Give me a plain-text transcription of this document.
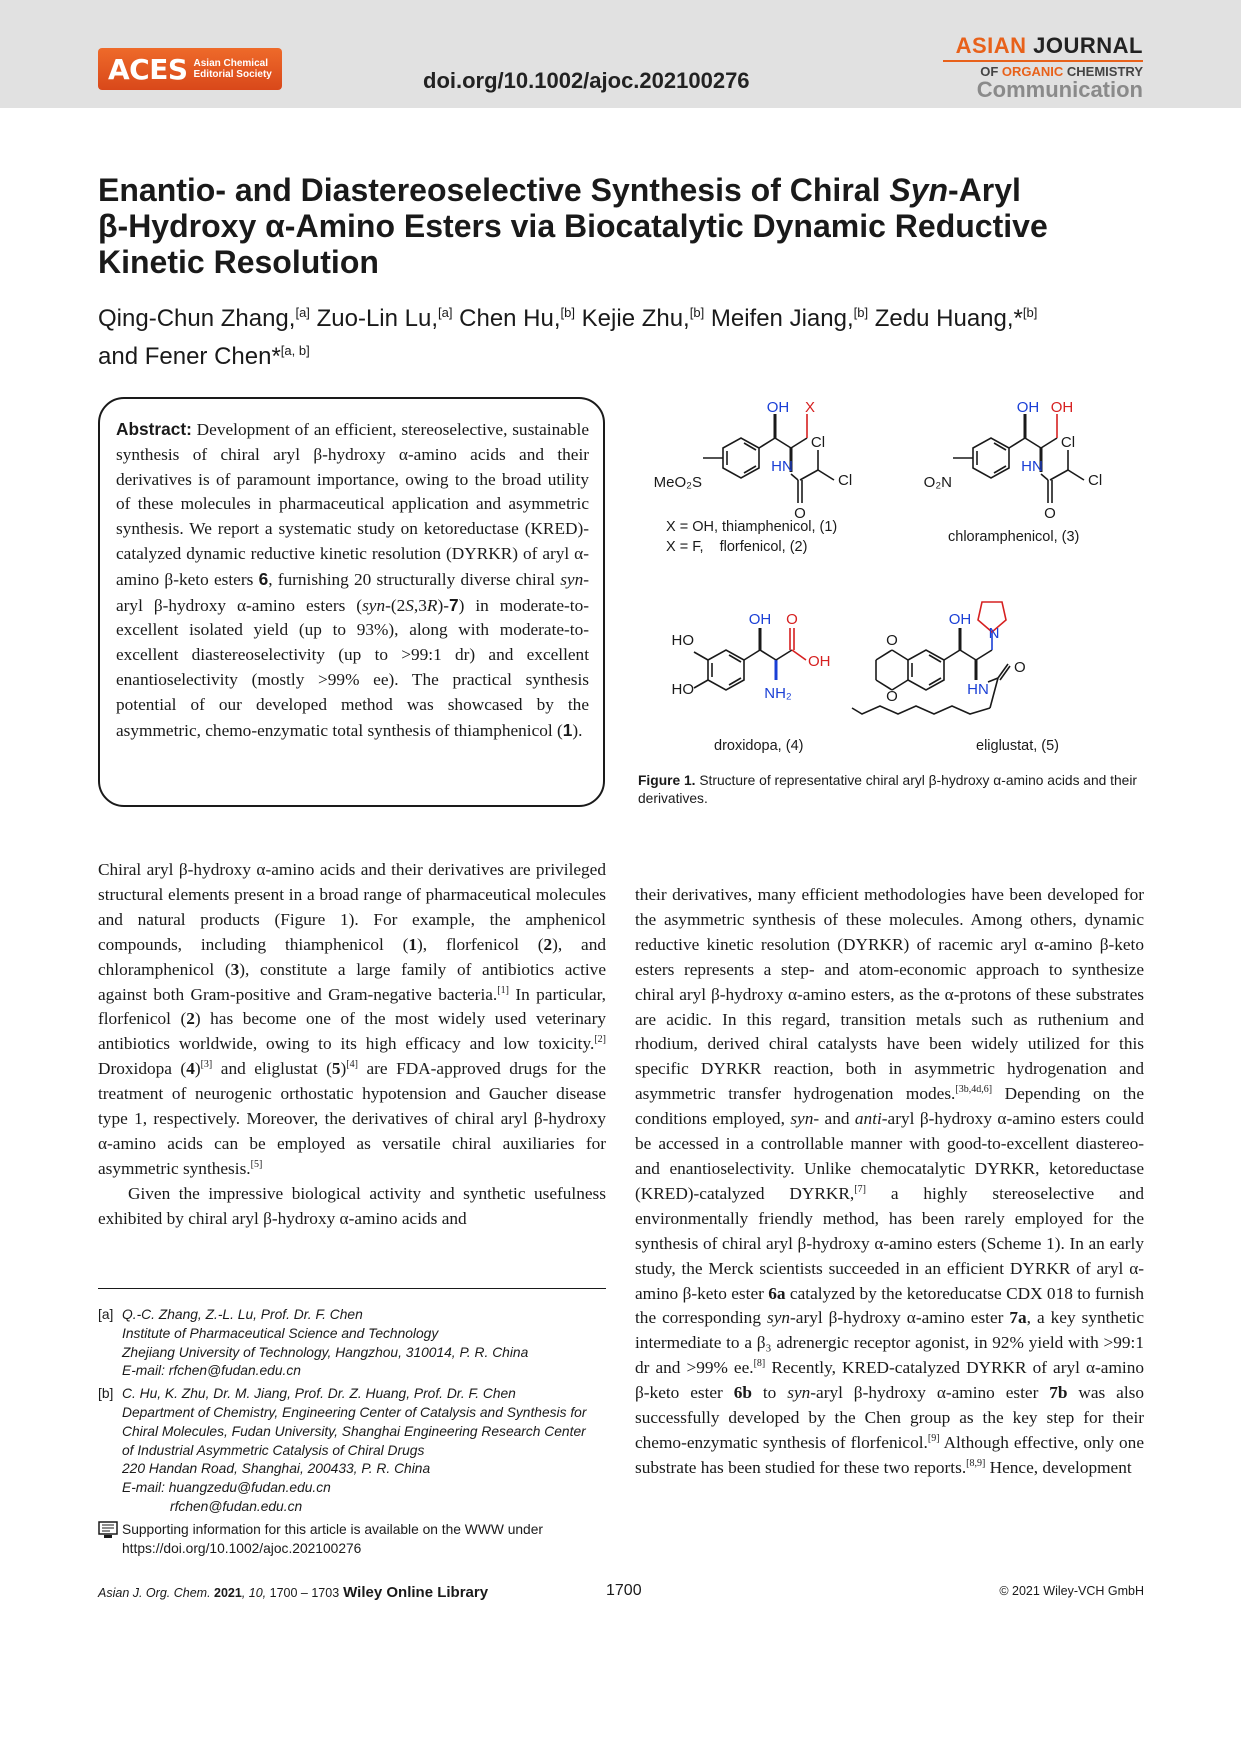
ACES Asian Chemical
Editorial Society	doi.org/10.1002/ajoc.202100276
ASIAN JOURNAL
OF ORGANIC CHEMISTRY
Communication
Enantio- and Diastereoselective Synthesis of Chiral Syn-Aryl
β-Hydroxy α-Amino Esters via Biocatalytic Dynamic Reductive
Kinetic Resolution
Qing-Chun Zhang,[a] Zuo-Lin Lu,[a] Chen Hu,[b] Kejie Zhu,[b] Meifen Jiang,[b] Zedu Huang,*[b]
and Fener Chen*[a, b]

Abstract: Development of an efficient, stereoselective, sustainable synthesis of chiral aryl β-hydroxy α-amino acids and their derivatives is of paramount importance, owing to the broad utility of these molecules in pharmaceutical application and asymmetric synthesis. We report a systematic study on ketoreductase (KRED)-catalyzed dynamic reductive kinetic resolution (DYRKR) of aryl α-amino β-keto esters 6, furnishing 20 structurally diverse chiral syn-aryl β-hydroxy α-amino esters (syn-(2S,3R)-7) in moderate-to-excellent isolated yield (up to 93%), along with moderate-to-excellent diastereoselectivity (up to >99:1 dr) and excellent enantioselectivity (mostly >99% ee). The practical synthesis potential of our developed method was showcased by the asymmetric, chemo-enzymatic total synthesis of thiamphenicol (1).

OH X
Cl
HN
Cl
O
MeO₂S
X = OH, thiamphenicol, (1)
X = F,    florfenicol, (2)
OH OH
Cl
HN
Cl
O
O₂N
chloramphenicol, (3)
OH O
HO
HO
OH
NH₂
droxidopa, (4)
OH
N
O
O	HN
O
eliglustat, (5)
Figure 1. Structure of representative chiral aryl β-hydroxy α-amino acids and their derivatives.

Chiral aryl β-hydroxy α-amino acids and their derivatives are privileged structural elements present in a broad range of pharmaceutical molecules and natural products (Figure 1). For example, the amphenicol compounds, including thiamphenicol (1), florfenicol (2), and chloramphenicol (3), constitute a large family of antibiotics active against both Gram-positive and Gram-negative bacteria.[1] In particular, florfenicol (2) has become one of the most widely used veterinary antibiotics worldwide, owing to its high efficacy and low toxicity.[2] Droxidopa (4)[3] and eliglustat (5)[4] are FDA-approved drugs for the treatment of neurogenic orthostatic hypotension and Gaucher disease type 1, respectively. Moreover, the derivatives of chiral aryl β-hydroxy α-amino acids can be employed as versatile chiral auxiliaries for asymmetric synthesis.[5]

Given the impressive biological activity and synthetic usefulness exhibited by chiral aryl β-hydroxy α-amino acids and

their derivatives, many efficient methodologies have been developed for the asymmetric synthesis of these molecules. Among others, dynamic reductive kinetic resolution (DYRKR) of racemic aryl α-amino β-keto esters represents a step- and atom-economic approach to synthesize chiral aryl β-hydroxy α-amino esters, as the α-protons of these substrates are acidic. In this regard, transition metals such as ruthenium and rhodium, derived chiral catalysts have been widely utilized for this specific DYRKR reaction, both in asymmetric hydrogenation and asymmetric transfer hydrogenation modes.[3b,4d,6] Depending on the conditions employed, syn- and anti-aryl β-hydroxy α-amino esters could be accessed in a controllable manner with good-to-excellent diastereo- and enantioselectivity. Unlike chemocatalytic DYRKR, ketoreductase (KRED)-catalyzed DYRKR,[7] a highly stereoselective and environmentally friendly method, has been rarely employed for the synthesis of chiral aryl β-hydroxy α-amino esters (Scheme 1). In an early study, the Merck scientists succeeded in an efficient DYRKR of aryl α-amino β-keto ester 6a catalyzed by the ketoreducatse CDX 018 to furnish the corresponding syn-aryl β-hydroxy α-amino ester 7a, a key synthetic intermediate to a β₃ adrenergic receptor agonist, in 92% yield with >99:1 dr and >99% ee.[8] Recently, KRED-catalyzed DYRKR of aryl α-amino β-keto ester 6b to syn-aryl β-hydroxy α-amino ester 7b was also successfully developed by the Chen group as the key step for their chemo-enzymatic synthesis of florfenicol.[9] Although effective, only one substrate has been studied for these two reports.[8,9] Hence, development

[a] Q.-C. Zhang, Z.-L. Lu, Prof. Dr. F. Chen
Institute of Pharmaceutical Science and Technology
Zhejiang University of Technology, Hangzhou, 310014, P. R. China
E-mail: rfchen@fudan.edu.cn
[b] C. Hu, K. Zhu, Dr. M. Jiang, Prof. Dr. Z. Huang, Prof. Dr. F. Chen
Department of Chemistry, Engineering Center of Catalysis and Synthesis for
Chiral Molecules, Fudan University, Shanghai Engineering Research Center
of Industrial Asymmetric Catalysis of Chiral Drugs
220 Handan Road, Shanghai, 200433, P. R. China
E-mail: huangzedu@fudan.edu.cn
rfchen@fudan.edu.cn
Supporting information for this article is available on the WWW under
https://doi.org/10.1002/ajoc.202100276
Asian J. Org. Chem. 2021, 10, 1700 – 1703 Wiley Online Library	1700	© 2021 Wiley-VCH GmbH
